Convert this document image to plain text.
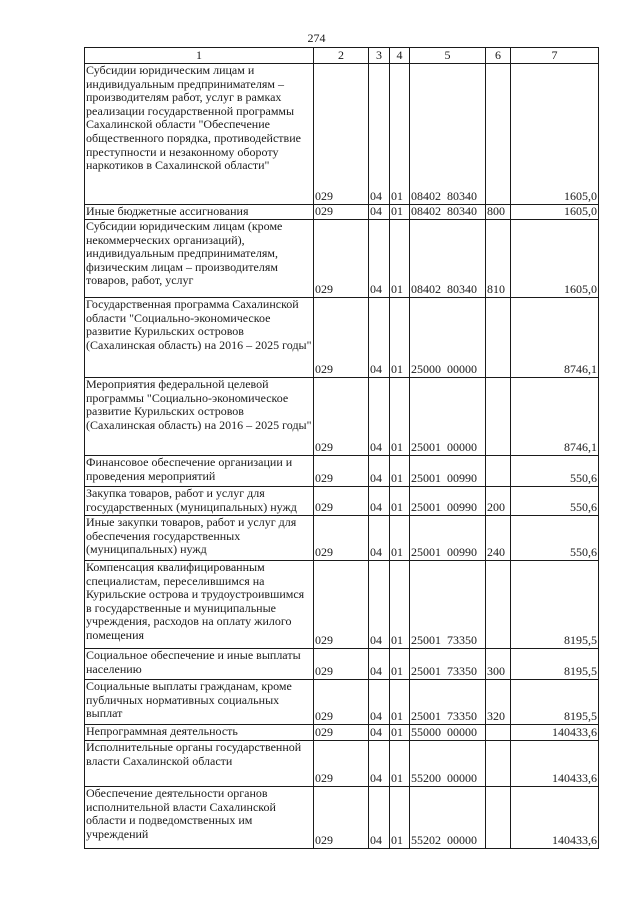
274
1	2	3	4	5	6	7
Субсидии юридическим лицам и индивидуальным предпринимателям – производителям работ, услуг в рамках реализации государственной программы Сахалинской области "Обеспечение общественного порядка, противодействие преступности и незаконному обороту наркотиков в Сахалинской области"	029	04	01	08402  80340		1605,0
Иные бюджетные ассигнования	029	04	01	08402  80340	800	1605,0
Субсидии юридическим лицам (кроме некоммерческих организаций), индивидуальным предпринимателям, физическим лицам – производителям товаров, работ, услуг	029	04	01	08402  80340	810	1605,0
Государственная программа Сахалинской области "Социально-экономическое развитие Курильских островов (Сахалинская область) на 2016 – 2025 годы"	029	04	01	25000  00000		8746,1
Мероприятия федеральной целевой программы "Социально-экономическое развитие Курильских островов (Сахалинская область) на 2016 – 2025 годы"	029	04	01	25001  00000		8746,1
Финансовое обеспечение организации и проведения мероприятий	029	04	01	25001  00990		550,6
Закупка товаров, работ и услуг для государственных (муниципальных) нужд	029	04	01	25001  00990	200	550,6
Иные закупки товаров, работ и услуг для обеспечения государственных (муниципальных) нужд	029	04	01	25001  00990	240	550,6
Компенсация квалифицированным специалистам, переселившимся на Курильские острова и трудоустроившимся в государственные и муниципальные учреждения, расходов на оплату жилого помещения	029	04	01	25001  73350		8195,5
Социальное обеспечение и иные выплаты населению	029	04	01	25001  73350	300	8195,5
Социальные выплаты гражданам, кроме публичных нормативных социальных выплат	029	04	01	25001  73350	320	8195,5
Непрограммная деятельность	029	04	01	55000  00000		140433,6
Исполнительные органы государственной власти Сахалинской области	029	04	01	55200  00000		140433,6
Обеспечение деятельности органов исполнительной власти Сахалинской области и подведомственных им учреждений	029	04	01	55202  00000		140433,6
